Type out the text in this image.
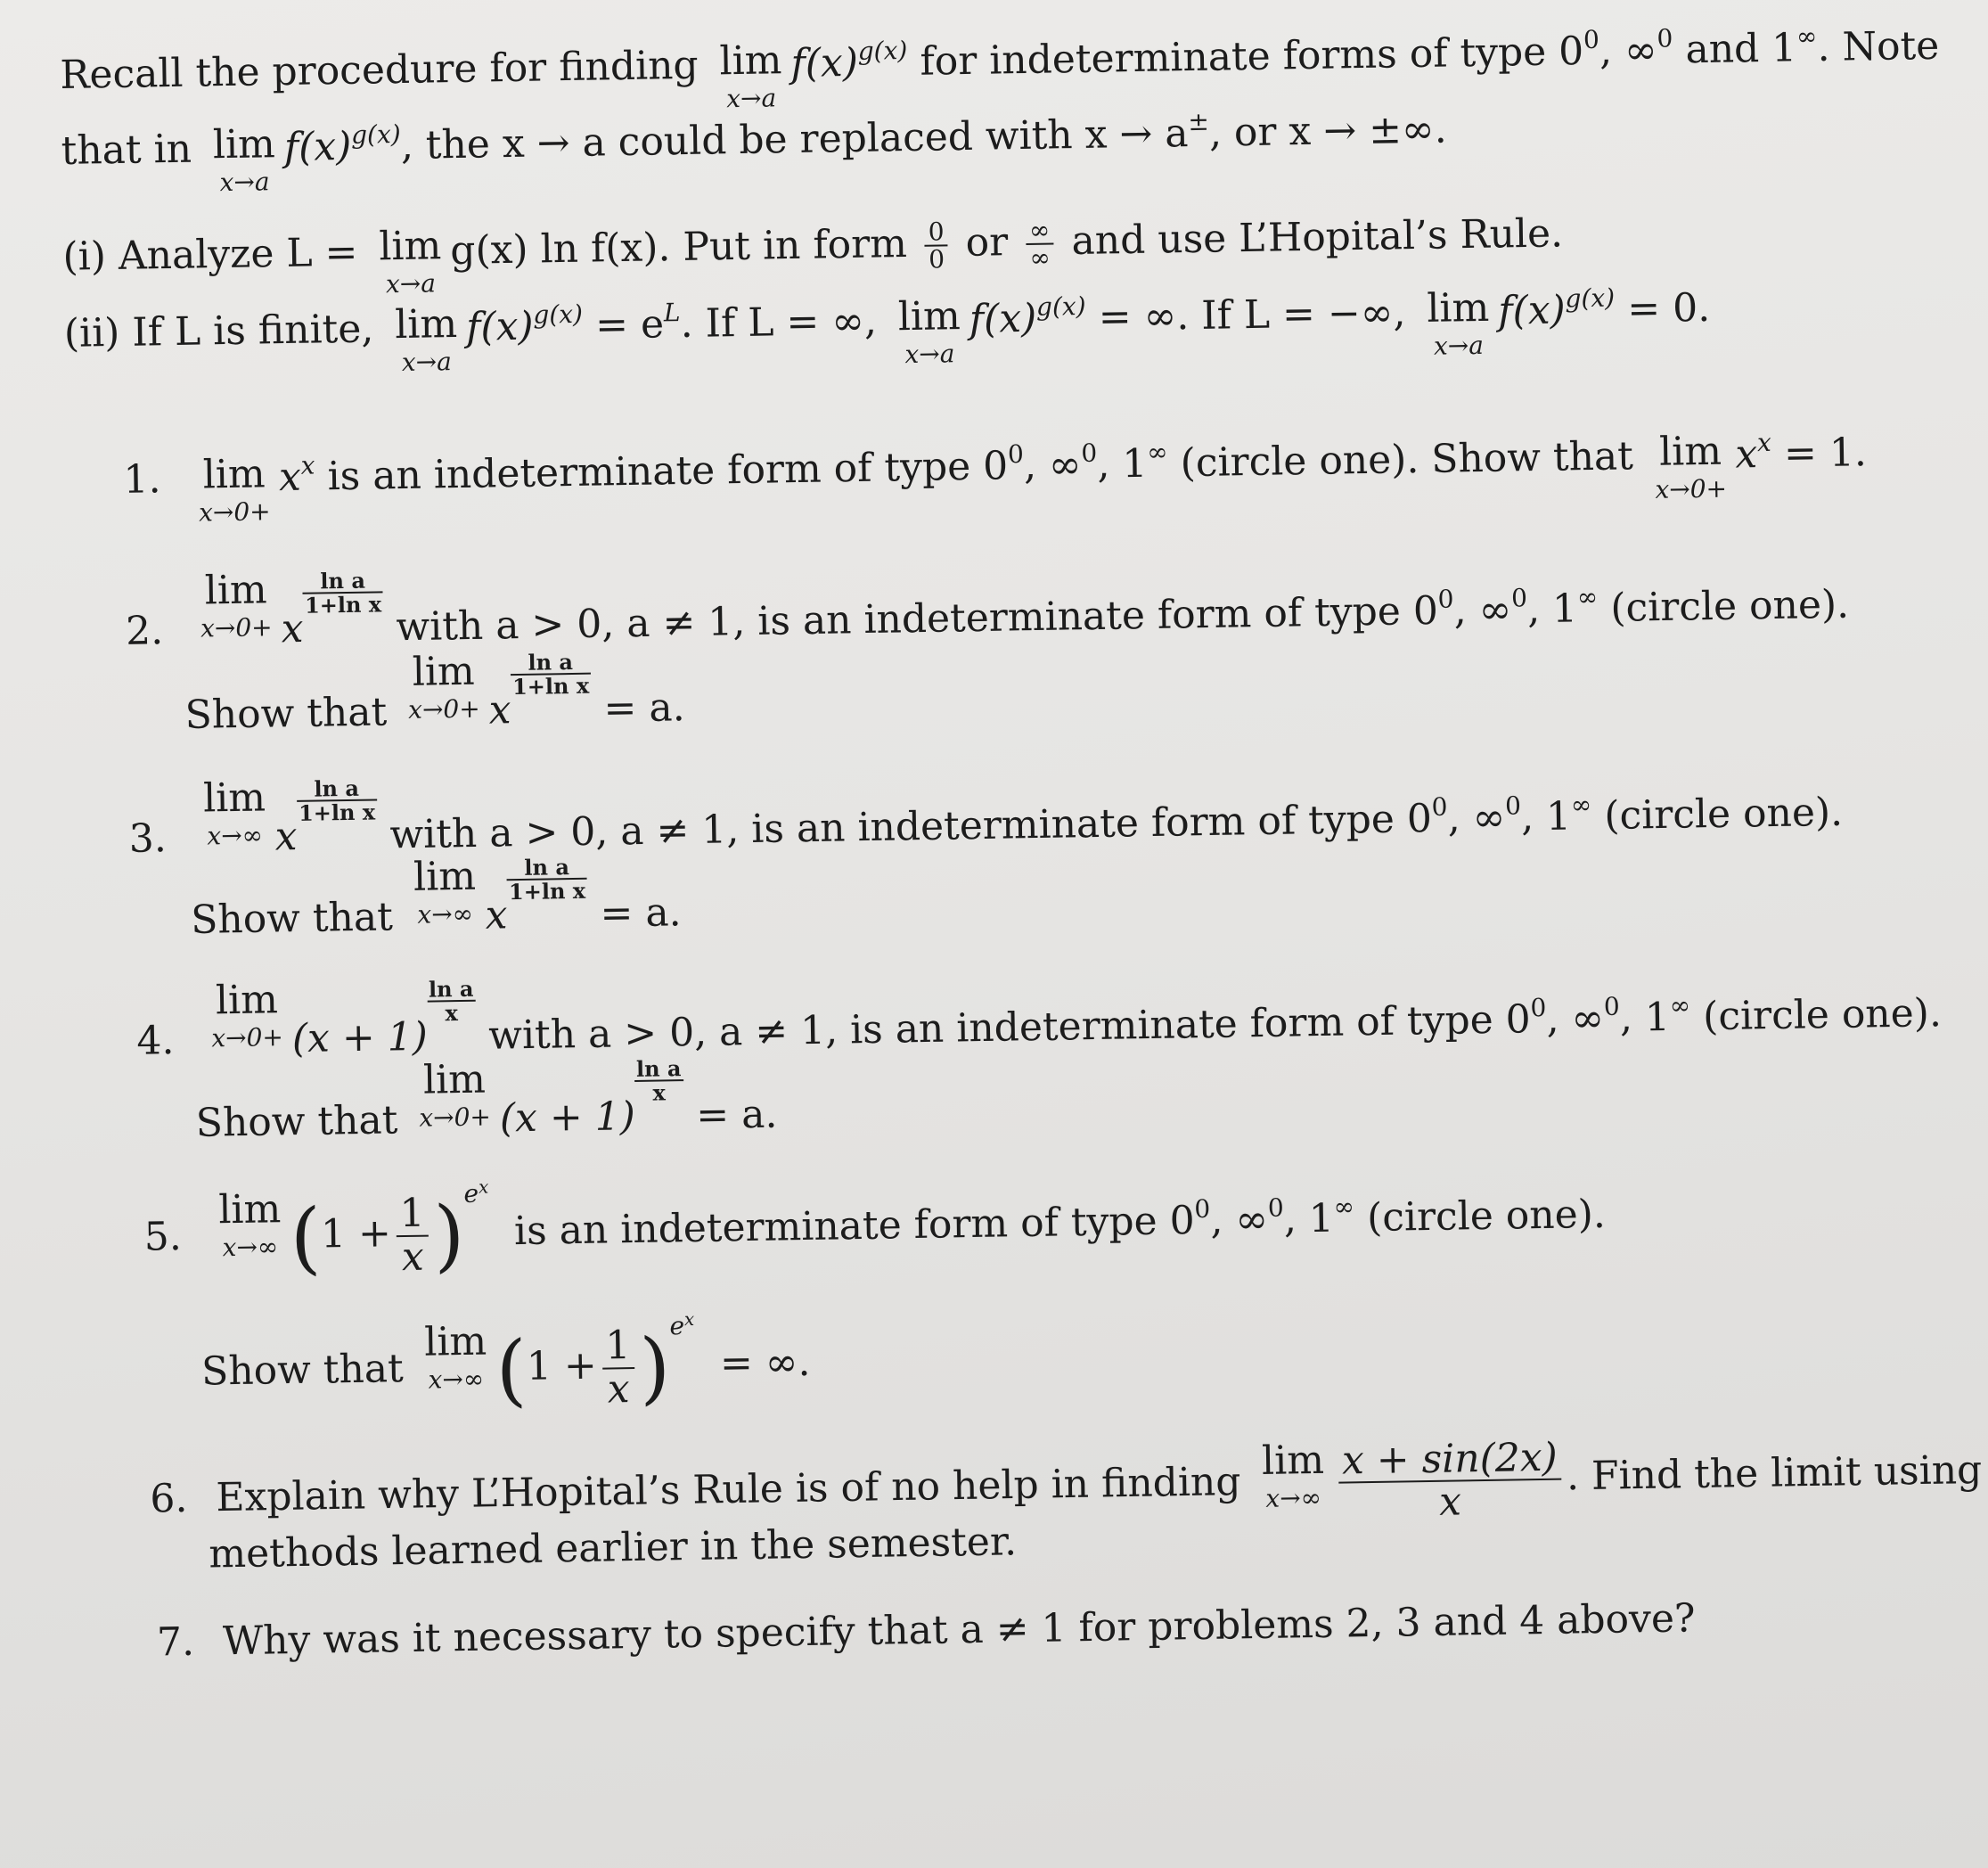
Recall the procedure for finding lim
x→a
$f(x)^{g(x)}$ for indeterminate forms of type $0^0$, ∞$^0$ and 1∞. Note
that in lim
x→a
$f(x)^{g(x)}$, the x → a could be replaced with x → a±, or x → ±∞.
(i) Analyze L = lim
x→a
g(x) ln f(x). Put in form $\frac{0}{0}$ or $\frac{\infty}{\infty}$ and use L’Hopital’s Rule.
(ii) If L is finite, lim
x→a
$f(x)^{g(x)} = e^L$. If L = ∞, lim
x→a
$f(x)^{g(x)}$ = ∞. If L = −∞, lim
x→a
$f(x)^{g(x)} = 0$.
1. lim
x→0+
$x^x$ is an indeterminate form of type $0^0$, ∞$^0$, 1∞ (circle one). Show that lim
x→0+
$x^x = 1$.
2.
lim
x→0+ x
$\frac{\text{ln a}}{\text{1+ln x}}$ with a > 0, a ≠ 1, is an indeterminate form of type $0^0$, ∞$^0$, 1∞ (circle one).
Show that
lim
x→0+ x
$\frac{\text{ln a}}{\text{1+ln x}}$
= a.
3.
lim
x→∞ x
$\frac{\text{ln a}}{\text{1+ln x}}$ with a > 0, a ≠ 1, is an indeterminate form of type $0^0$, ∞$^0$, 1∞ (circle one).
Show that
lim
x→∞ x
$\frac{\text{ln a}}{\text{1+ln x}}$
= a.
4.
lim
x→0+ (x + 1)
$\frac{\text{ln a}}{x}$ with a > 0, a ≠ 1, is an indeterminate form of type $0^0$, ∞$^0$, 1∞ (circle one).
Show that
lim
x→0+ (x + 1)
$\frac{\text{ln a}}{x}$
= a.
5.
lim
x→∞ $(1 + \frac{1}{x} )^{e^x}$  is an indeterminate form of type $0^0$, ∞$^0$, 1∞ (circle one).
Show that
lim
x→∞ $(1 + \frac{1}{x} )^{e^x}$  = ∞.
6. Explain why L’Hopital’s Rule is of no help in finding lim
$x\to\infty \frac{x + \sin(2x)}{x}$ . Find the limit using
methods learned earlier in the semester.
7. Why was it necessary to specify that a ≠ 1 for problems 2, 3 and 4 above?
